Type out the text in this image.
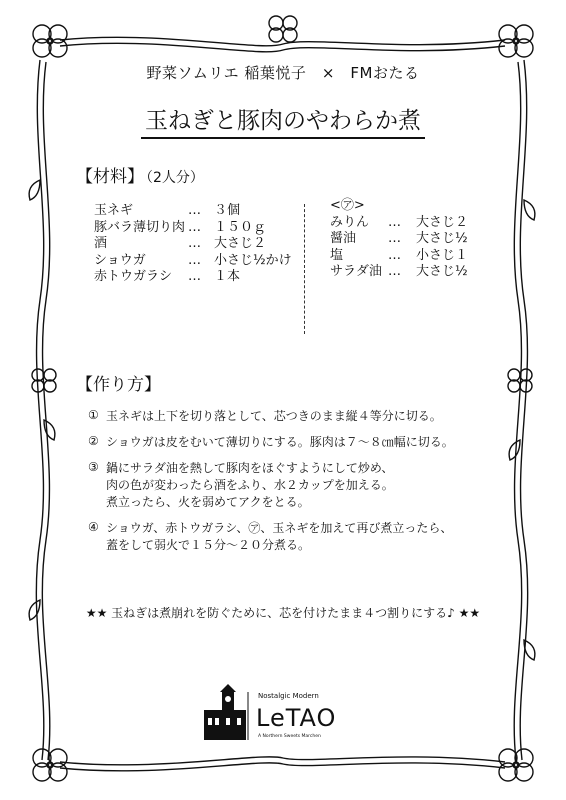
野菜ソムリエ 稲葉悦子　×　FMおたる
玉ねぎと豚肉のやわらか煮
【材料】 （2人分）
玉ネギ	… ３個
豚バラ薄切り肉 … １５０ｇ
酒	… 大さじ２
ショウガ	… 小さじ½かけ
赤トウガラシ … １本
<㋐>
みりん … 大さじ２
醤油 … 大さじ½
塩	… 小さじ１
サラダ油 … 大さじ½
【作り方】
① 玉ネギは上下を切り落として、芯つきのまま縦４等分に切る。
② ショウガは皮をむいて薄切りにする。豚肉は７～８㎝幅に切る。
③ 鍋にサラダ油を熱して豚肉をほぐすようにして炒め、
肉の色が変わったら酒をふり、水２カップを加える。
煮立ったら、火を弱めてアクをとる。
④ ショウガ、赤トウガラシ、㋐、玉ネギを加えて再び煮立ったら、
蓋をして弱火で１５分～２０分煮る。
★★ 玉ねぎは煮崩れを防ぐために、芯を付けたまま４つ割りにする♪ ★★
Nostalgic Modern
LeTAO
A Northern Sweets Marchen
